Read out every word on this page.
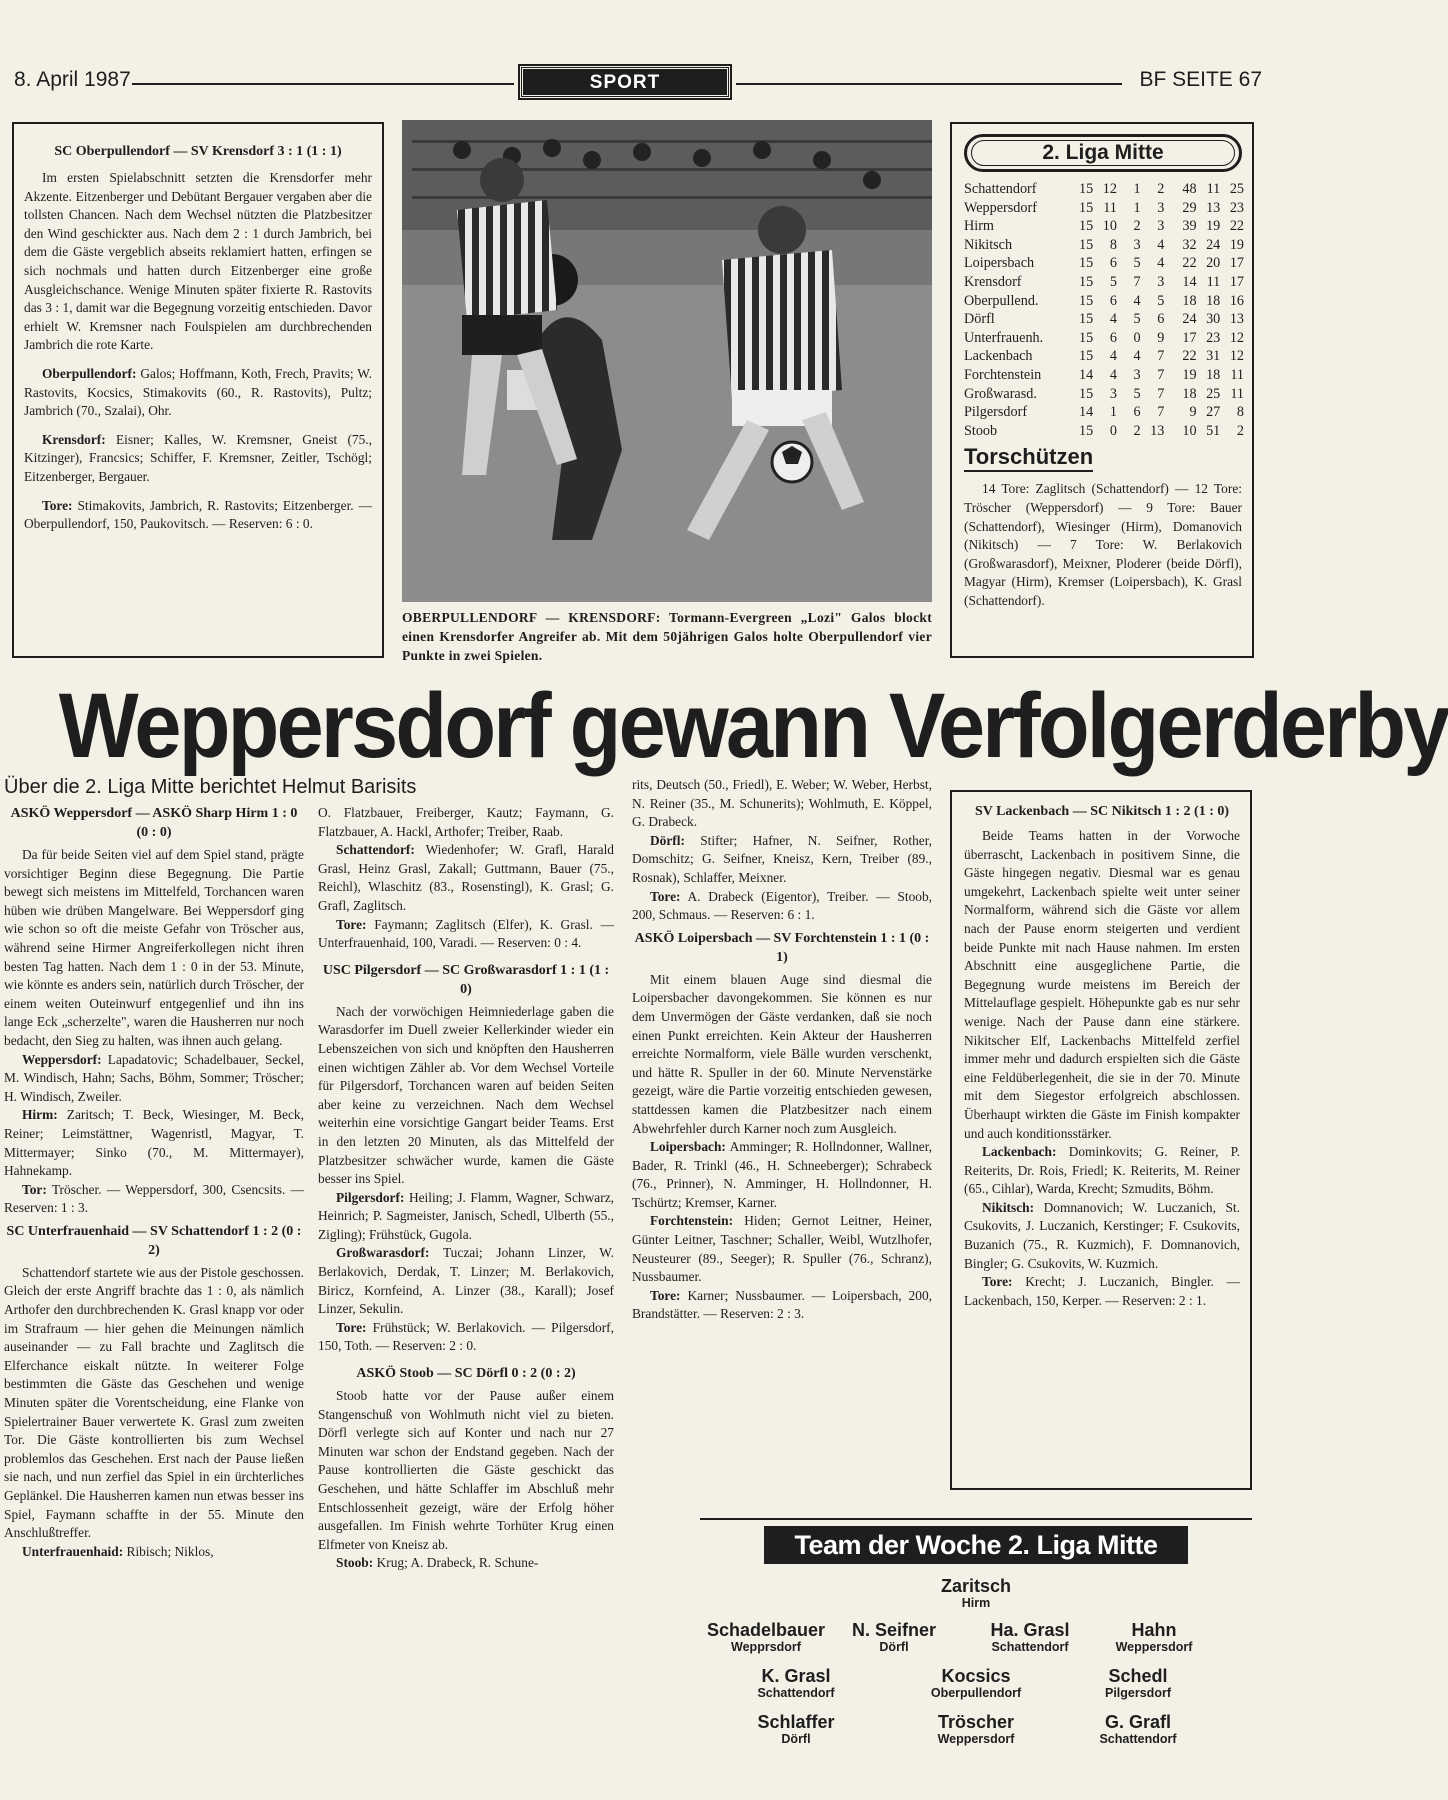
8. April 1987	SPORT	BF SEITE 67
SC Oberpullendorf — SV Krensdorf 3 : 1 (1 : 1)

Im ersten Spielabschnitt setzten die Krensdorfer mehr Akzente. Eitzenberger und Debütant Bergauer vergaben aber die tollsten Chancen. Nach dem Wechsel nützten die Platzbesitzer den Wind geschickter aus. Nach dem 2 : 1 durch Jambrich, bei dem die Gäste vergeblich abseits reklamiert hatten, erfingen se sich nochmals und hatten durch Eitzenberger eine große Ausgleichschance. Wenige Minuten später fixierte R. Rastovits das 3 : 1, damit war die Begegnung vorzeitig entschieden. Davor erhielt W. Kremsner nach Foulspielen am durchbrechenden Jambrich die rote Karte.

Oberpullendorf: Galos; Hoffmann, Koth, Frech, Pravits; W. Rastovits, Kocsics, Stimakovits (60., R. Rastovits), Pultz; Jambrich (70., Szalai), Ohr.

Krensdorf: Eisner; Kalles, W. Kremsner, Gneist (75., Kitzinger), Francsics; Schiffer, F. Kremsner, Zeitler, Tschögl; Eitzenberger, Bergauer.

Tore: Stimakovits, Jambrich, R. Rastovits; Eitzenberger. — Oberpullendorf, 150, Paukovitsch. — Reserven: 6 : 0.

OBERPULLENDORF — KRENSDORF: Tormann-Evergreen „Lozi" Galos blockt einen Krensdorfer Angreifer ab. Mit dem 50jährigen Galos holte Oberpullendorf vier Punkte in zwei Spielen.
2. Liga Mitte
Schattendorf	15	12	1	2	48	11	25
Weppersdorf	15	11	1	3	29	13	23
Hirm	15	10	2	3	39	19	22
Nikitsch	15	8	3	4	32	24	19
Loipersbach	15	6	5	4	22	20	17
Krensdorf	15	5	7	3	14	11	17
Oberpullend.	15	6	4	5	18	18	16
Dörfl	15	4	5	6	24	30	13
Unterfrauenh.	15	6	0	9	17	23	12
Lackenbach	15	4	4	7	22	31	12
Forchtenstein	14	4	3	7	19	18	11
Großwarasd.	15	3	5	7	18	25	11
Pilgersdorf	14	1	6	7	9	27	8
Stoob	15	0	2	13	10	51	2
Torschützen

14 Tore: Zaglitsch (Schattendorf) — 12 Tore: Tröscher (Weppersdorf) — 9 Tore: Bauer (Schattendorf), Wiesinger (Hirm), Domanovich (Nikitsch) — 7 Tore: W. Berlakovich (Großwarasdorf), Meixner, Ploderer (beide Dörfl), Magyar (Hirm), Kremser (Loipersbach), K. Grasl (Schattendorf).

Weppersdorf gewann Verfolgerderby
Über die 2. Liga Mitte berichtet Helmut Barisits
ASKÖ Weppersdorf — ASKÖ Sharp Hirm 1 : 0 (0 : 0)

Da für beide Seiten viel auf dem Spiel stand, prägte vorsichtiger Beginn diese Begegnung. Die Partie bewegt sich meistens im Mittelfeld, Torchancen waren hüben wie drüben Mangelware. Bei Weppersdorf ging wie schon so oft die meiste Gefahr von Tröscher aus, während seine Hirmer Angreiferkollegen nicht ihren besten Tag hatten. Nach dem 1 : 0 in der 53. Minute, wie könnte es anders sein, natürlich durch Tröscher, der einem weiten Outeinwurf entgegenlief und ihn ins lange Eck „scherzelte", waren die Hausherren nur noch bedacht, den Sieg zu halten, was ihnen auch gelang.

Weppersdorf: Lapadatovic; Schadelbauer, Seckel, M. Windisch, Hahn; Sachs, Böhm, Sommer; Tröscher; H. Windisch, Zweiler.

Hirm: Zaritsch; T. Beck, Wiesinger, M. Beck, Reiner; Leimstättner, Wagenristl, Magyar, T. Mittermayer; Sinko (70., M. Mittermayer), Hahnekamp.

Tor: Tröscher. — Weppersdorf, 300, Csencsits. — Reserven: 1 : 3.

SC Unterfrauenhaid — SV Schattendorf 1 : 2 (0 : 2)

Schattendorf startete wie aus der Pistole geschossen. Gleich der erste Angriff brachte das 1 : 0, als nämlich Arthofer den durchbrechenden K. Grasl knapp vor oder im Strafraum — hier gehen die Meinungen nämlich auseinander — zu Fall brachte und Zaglitsch die Elferchance eiskalt nützte. In weiterer Folge bestimmten die Gäste das Geschehen und wenige Minuten später die Vorentscheidung, eine Flanke von Spielertrainer Bauer verwertete K. Grasl zum zweiten Tor. Die Gäste kontrollierten bis zum Wechsel problemlos das Geschehen. Erst nach der Pause ließen sie nach, und nun zerfiel das Spiel in ein ürchterliches Geplänkel. Die Hausherren kamen nun etwas besser ins Spiel, Faymann schaffte in der 55. Minute den Anschlußtreffer.

Unterfrauenhaid: Ribisch; Niklos,

O. Flatzbauer, Freiberger, Kautz; Faymann, G. Flatzbauer, A. Hackl, Arthofer; Treiber, Raab.

Schattendorf: Wiedenhofer; W. Grafl, Harald Grasl, Heinz Grasl, Zakall; Guttmann, Bauer (75., Reichl), Wlaschitz (83., Rosenstingl), K. Grasl; G. Grafl, Zaglitsch.

Tore: Faymann; Zaglitsch (Elfer), K. Grasl. — Unterfrauenhaid, 100, Varadi. — Reserven: 0 : 4.

USC Pilgersdorf — SC Großwarasdorf 1 : 1 (1 : 0)

Nach der vorwöchigen Heimniederlage gaben die Warasdorfer im Duell zweier Kellerkinder wieder ein Lebenszeichen von sich und knöpften den Hausherren einen wichtigen Zähler ab. Vor dem Wechsel Vorteile für Pilgersdorf, Torchancen waren auf beiden Seiten aber keine zu verzeichnen. Nach dem Wechsel weiterhin eine vorsichtige Gangart beider Teams. Erst in den letzten 20 Minuten, als das Mittelfeld der Platzbesitzer schwächer wurde, kamen die Gäste besser ins Spiel.

Pilgersdorf: Heiling; J. Flamm, Wagner, Schwarz, Heinrich; P. Sagmeister, Janisch, Schedl, Ulberth (55., Zigling); Frühstück, Gugola.

Großwarasdorf: Tuczai; Johann Linzer, W. Berlakovich, Derdak, T. Linzer; M. Berlakovich, Biricz, Kornfeind, A. Linzer (38., Karall); Josef Linzer, Sekulin.

Tore: Frühstück; W. Berlakovich. — Pilgersdorf, 150, Toth. — Reserven: 2 : 0.

ASKÖ Stoob — SC Dörfl 0 : 2 (0 : 2)

Stoob hatte vor der Pause außer einem Stangenschuß von Wohlmuth nicht viel zu bieten. Dörfl verlegte sich auf Konter und nach nur 27 Minuten war schon der Endstand gegeben. Nach der Pause kontrollierten die Gäste geschickt das Geschehen, und hätte Schlaffer im Abschluß mehr Entschlossenheit gezeigt, wäre der Erfolg höher ausgefallen. Im Finish wehrte Torhüter Krug einen Elfmeter von Kneisz ab.

Stoob: Krug; A. Drabeck, R. Schune-

rits, Deutsch (50., Friedl), E. Weber; W. Weber, Herbst, N. Reiner (35., M. Schunerits); Wohlmuth, E. Köppel, G. Drabeck.

Dörfl: Stifter; Hafner, N. Seifner, Rother, Domschitz; G. Seifner, Kneisz, Kern, Treiber (89., Rosnak), Schlaffer, Meixner.

Tore: A. Drabeck (Eigentor), Treiber. — Stoob, 200, Schmaus. — Reserven: 6 : 1.

ASKÖ Loipersbach — SV Forchtenstein 1 : 1 (0 : 1)

Mit einem blauen Auge sind diesmal die Loipersbacher davongekommen. Sie können es nur dem Unvermögen der Gäste verdanken, daß sie noch einen Punkt erreichten. Kein Akteur der Hausherren erreichte Normalform, viele Bälle wurden verschenkt, und hätte R. Spuller in der 60. Minute Nervenstärke gezeigt, wäre die Partie vorzeitig entschieden gewesen, stattdessen kamen die Platzbesitzer nach einem Abwehrfehler durch Karner noch zum Ausgleich.

Loipersbach: Amminger; R. Hollndonner, Wallner, Bader, R. Trinkl (46., H. Schneeberger); Schrabeck (76., Prinner), N. Amminger, H. Hollndonner, H. Tschürtz; Kremser, Karner.

Forchtenstein: Hiden; Gernot Leitner, Heiner, Günter Leitner, Taschner; Schaller, Weibl, Wutzlhofer, Neusteurer (89., Seeger); R. Spuller (76., Schranz), Nussbaumer.

Tore: Karner; Nussbaumer. — Loipersbach, 200, Brandstätter. — Reserven: 2 : 3.

SV Lackenbach — SC Nikitsch 1 : 2 (1 : 0)

Beide Teams hatten in der Vorwoche überrascht, Lackenbach in positivem Sinne, die Gäste hingegen negativ. Diesmal war es genau umgekehrt, Lackenbach spielte weit unter seiner Normalform, während sich die Gäste vor allem nach der Pause enorm steigerten und verdient beide Punkte mit nach Hause nahmen. Im ersten Abschnitt eine ausgeglichene Partie, die Begegnung wurde meistens im Bereich der Mittelauflage gespielt. Höhepunkte gab es nur sehr wenige. Nach der Pause dann eine stärkere. Nikitscher Elf, Lackenbachs Mittelfeld zerfiel immer mehr und dadurch erspielten sich die Gäste eine Feldüberlegenheit, die sie in der 70. Minute mit dem Siegestor erfolgreich abschlossen. Überhaupt wirkten die Gäste im Finish kompakter und auch konditionsstärker.

Lackenbach: Dominkovits; G. Reiner, P. Reiterits, Dr. Rois, Friedl; K. Reiterits, M. Reiner (65., Cihlar), Warda, Krecht; Szmudits, Böhm.

Nikitsch: Domnanovich; W. Luczanich, St. Csukovits, J. Luczanich, Kerstinger; F. Csukovits, Buzanich (75., R. Kuzmich), F. Domnanovich, Bingler; G. Csukovits, W. Kuzmich.

Tore: Krecht; J. Luczanich, Bingler. — Lackenbach, 150, Kerper. — Reserven: 2 : 1.

Team der Woche 2. Liga Mitte
Zaritsch
Hirm
Schadelbauer
Wepprsdorf
N. Seifner
Dörfl
Ha. Grasl
Schattendorf
Hahn
Weppersdorf
K. Grasl
Schattendorf
Kocsics
Oberpullendorf
Schedl
Pilgersdorf
Schlaffer
Dörfl
Tröscher
Weppersdorf
G. Grafl
Schattendorf
